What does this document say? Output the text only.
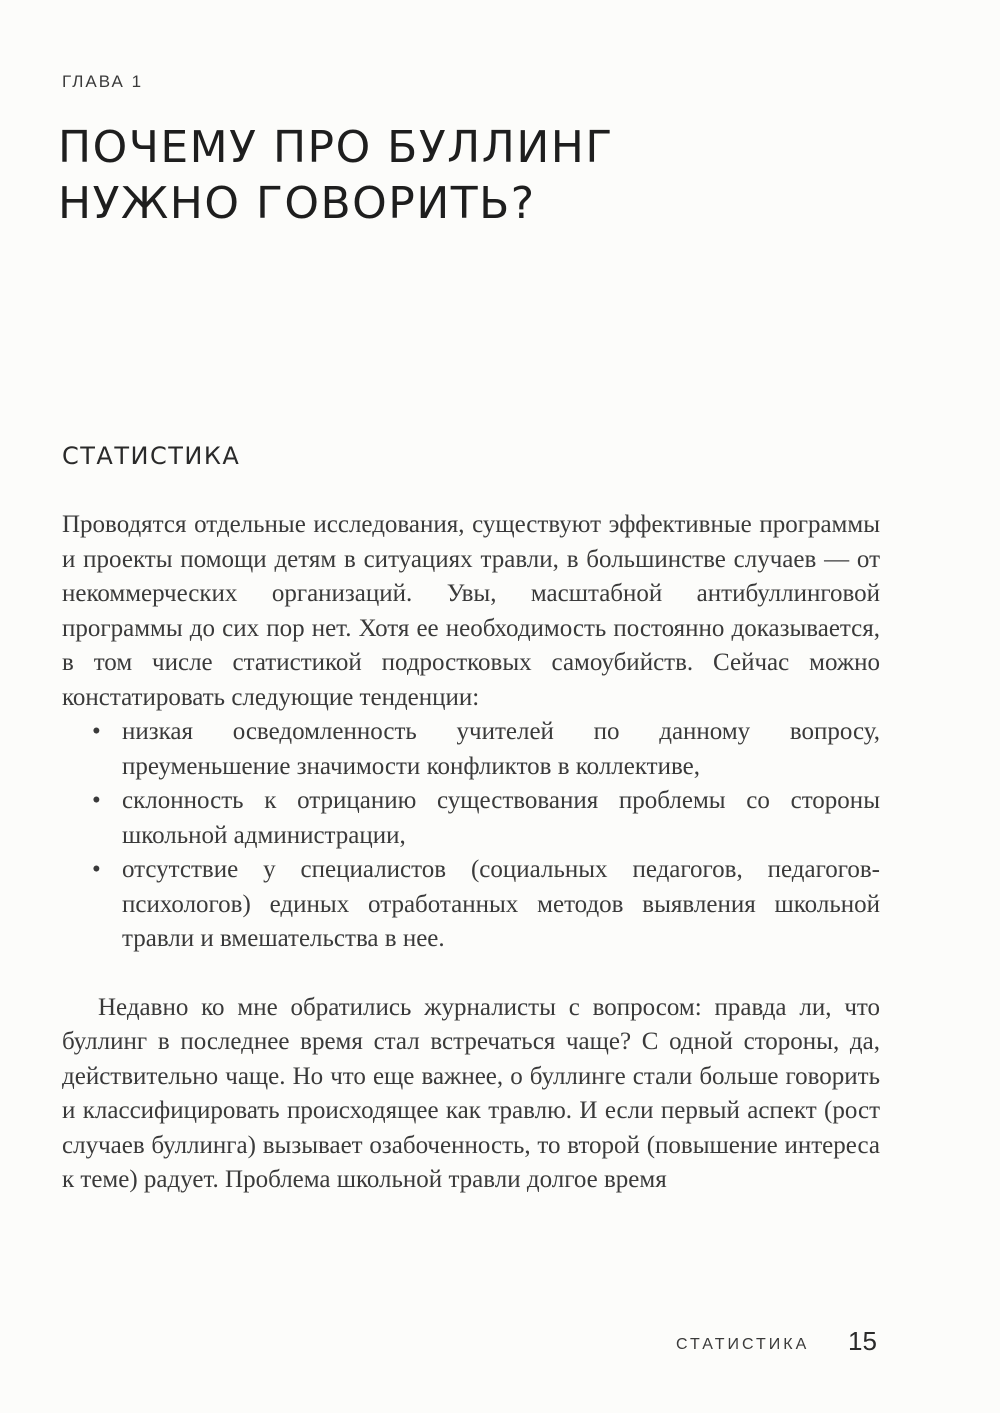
ГЛАВА 1
ПОЧЕМУ ПРО БУЛЛИНГ
НУЖНО ГОВОРИТЬ?
СТАТИСТИКА

Проводятся отдельные исследования, существуют эффективные программы и проекты помощи детям в ситуациях травли, в большинстве случаев — от некоммерческих организаций. Увы, масштабной антибуллинговой программы до сих пор нет. Хотя ее необходимость постоянно доказывается, в том числе статистикой подростковых самоубийств. Сейчас можно констатировать следующие тенденции:

• низкая осведомленность учителей по данному вопросу, преуменьшение значимости конфликтов в коллективе,
• склонность к отрицанию существования проблемы со стороны школьной администрации,
• отсутствие у специалистов (социальных педагогов, педагогов-психологов) единых отработанных методов выявления школьной травли и вмешательства в нее.

Недавно ко мне обратились журналисты с вопросом: правда ли, что буллинг в последнее время стал встречаться чаще? С одной стороны, да, действительно чаще. Но что еще важнее, о буллинге стали больше говорить и классифицировать происходящее как травлю. И если первый аспект (рост случаев буллинга) вызывает озабоченность, то второй (повышение интереса к теме) радует. Проблема школьной травли долгое время

СТАТИСТИКА 15
